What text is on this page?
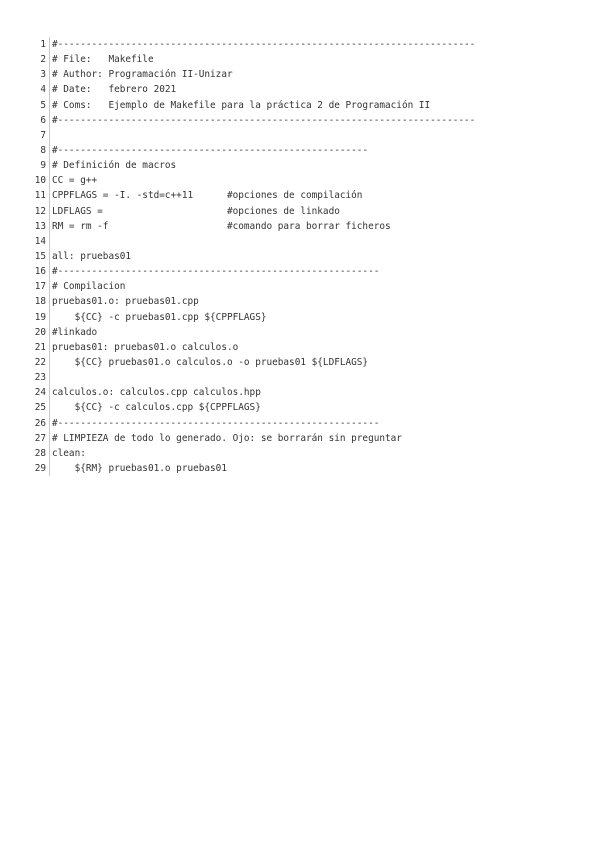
1 #--------------------------------------------------------------------------
2 # File:   Makefile
3 # Author: Programación II-Unizar
4 # Date:   febrero 2021
5 # Coms:   Ejemplo de Makefile para la práctica 2 de Programación II
6 #--------------------------------------------------------------------------
7
8 #-------------------------------------------------------
9 # Definición de macros
10 CC = g++
11 CPPFLAGS = -I. -std=c++11      #opciones de compilación
12 LDFLAGS =                      #opciones de linkado
13 RM = rm -f                     #comando para borrar ficheros
14
15 all: pruebas01
16 #---------------------------------------------------------
17 # Compilacion
18 pruebas01.o: pruebas01.cpp
19 ${CC} -c pruebas01.cpp ${CPPFLAGS}
20 #linkado
21 pruebas01: pruebas01.o calculos.o
22 ${CC} pruebas01.o calculos.o -o pruebas01 ${LDFLAGS}
23
24 calculos.o: calculos.cpp calculos.hpp
25 ${CC} -c calculos.cpp ${CPPFLAGS}
26 #---------------------------------------------------------
27 # LIMPIEZA de todo lo generado. Ojo: se borrarán sin preguntar
28 clean:
29 ${RM} pruebas01.o pruebas01
